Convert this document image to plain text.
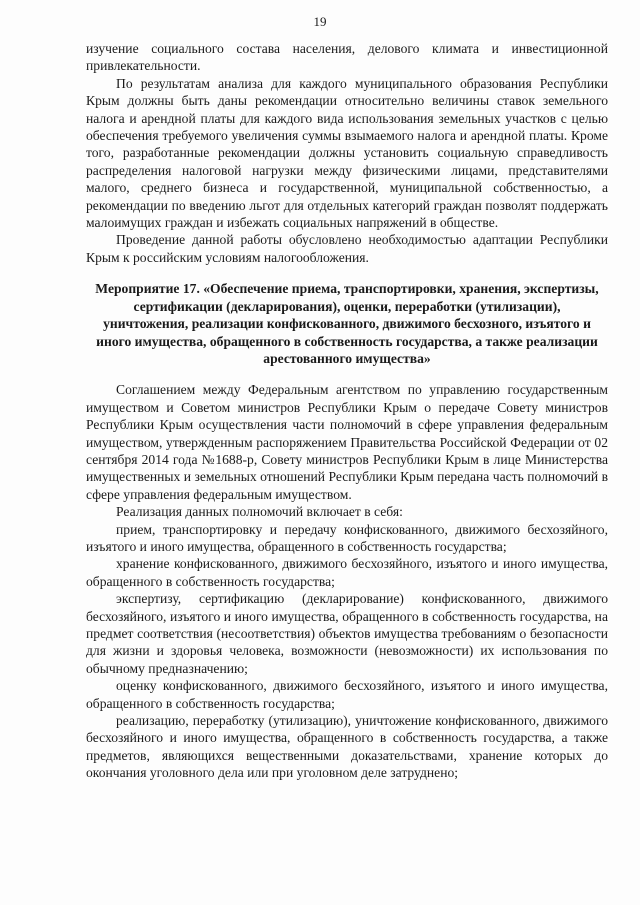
19

изучение социального состава населения, делового климата и инвестиционной привлекательности.

По результатам анализа для каждого муниципального образования Республики Крым должны быть даны рекомендации относительно величины ставок земельного налога и арендной платы для каждого вида использования земельных участков с целью обеспечения требуемого увеличения суммы взымаемого налога и арендной платы. Кроме того, разработанные рекомендации должны установить социальную справедливость распределения налоговой нагрузки между физическими лицами, представителями малого, среднего бизнеса и государственной, муниципальной собственностью, а рекомендации по введению льгот для отдельных категорий граждан позволят поддержать малоимущих граждан и избежать социальных напряжений в обществе.

Проведение данной работы обусловлено необходимостью адаптации Республики Крым к российским условиям налогообложения.

Мероприятие 17. «Обеспечение приема, транспортировки, хранения, экспертизы, сертификации (декларирования), оценки, переработки (утилизации), уничтожения, реализации конфискованного, движимого бесхозного, изъятого и иного имущества, обращенного в собственность государства, а также реализации арестованного имущества»

Соглашением между Федеральным агентством по управлению государственным имуществом и Советом министров Республики Крым о передаче Совету министров Республики Крым осуществления части полномочий в сфере управления федеральным имуществом, утвержденным распоряжением Правительства Российской Федерации от 02 сентября 2014 года №1688-р, Совету министров Республики Крым в лице Министерства имущественных и земельных отношений Республики Крым передана часть полномочий в сфере управления федеральным имуществом.

Реализация данных полномочий включает в себя:

прием, транспортировку и передачу конфискованного, движимого бесхозяйного, изъятого и иного имущества, обращенного в собственность государства;

хранение конфискованного, движимого бесхозяйного, изъятого и иного имущества, обращенного в собственность государства;

экспертизу, сертификацию (декларирование) конфискованного, движимого бесхозяйного, изъятого и иного имущества, обращенного в собственность государства, на предмет соответствия (несоответствия) объектов имущества требованиям о безопасности для жизни и здоровья человека, возможности (невозможности) их использования по обычному предназначению;

оценку конфискованного, движимого бесхозяйного, изъятого и иного имущества, обращенного в собственность государства;

реализацию, переработку (утилизацию), уничтожение конфискованного, движимого бесхозяйного и иного имущества, обращенного в собственность государства, а также предметов, являющихся вещественными доказательствами, хранение которых до окончания уголовного дела или при уголовном деле затруднено;
